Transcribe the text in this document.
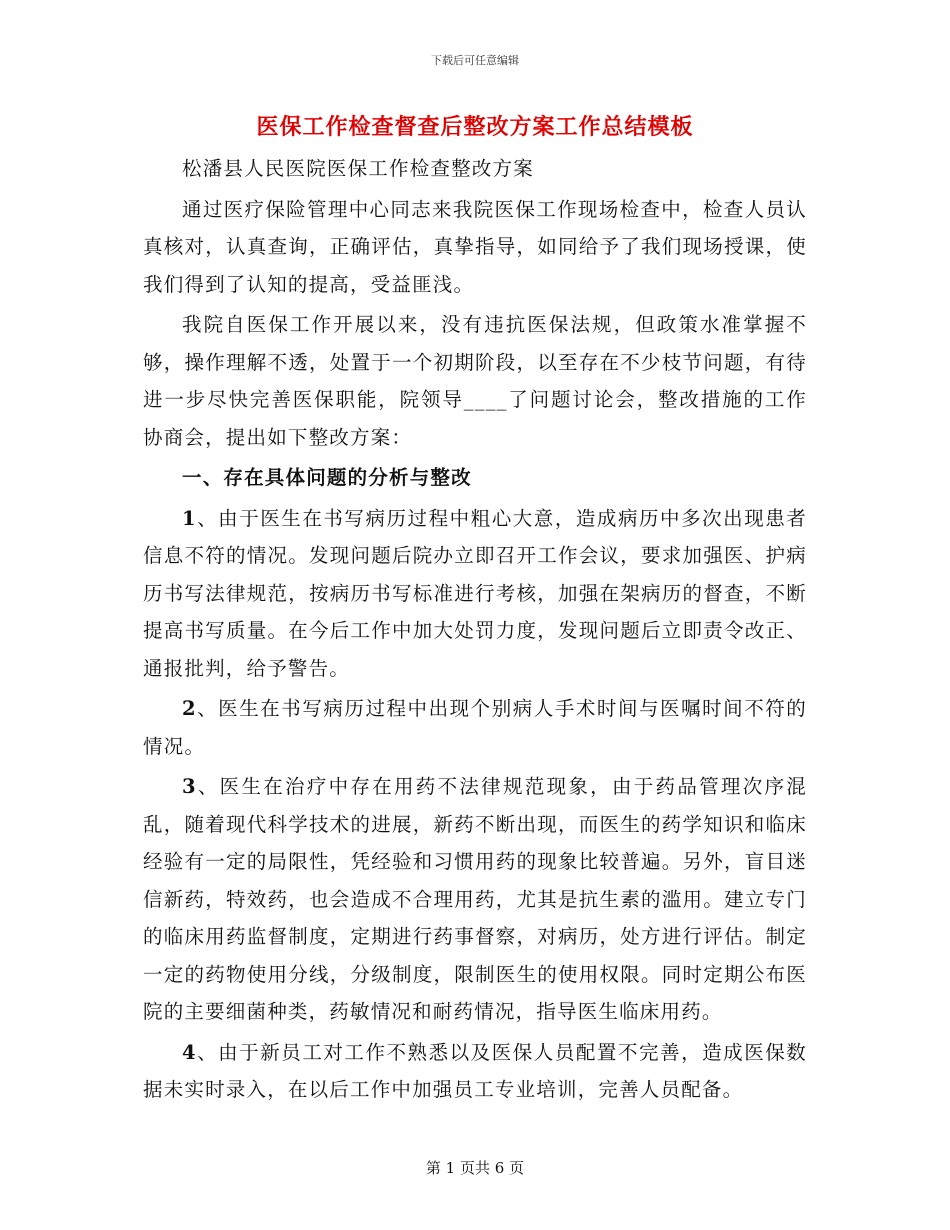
下载后可任意编辑
医保工作检查督查后整改方案工作总结模板

松潘县人民医院医保工作检查整改方案

通过医疗保险管理中心同志来我院医保工作现场检查中，检查人员认真核对，认真查询，正确评估，真挚指导，如同给予了我们现场授课，使我们得到了认知的提高，受益匪浅。

我院自医保工作开展以来，没有违抗医保法规，但政策水准掌握不够，操作理解不透，处置于一个初期阶段，以至存在不少枝节问题，有待进一步尽快完善医保职能，院领导____了问题讨论会，整改措施的工作协商会，提出如下整改方案：

一、存在具体问题的分析与整改

1、由于医生在书写病历过程中粗心大意，造成病历中多次出现患者信息不符的情况。发现问题后院办立即召开工作会议，要求加强医、护病历书写法律规范，按病历书写标准进行考核，加强在架病历的督查，不断提高书写质量。在今后工作中加大处罚力度，发现问题后立即责令改正、通报批判，给予警告。

2、医生在书写病历过程中出现个别病人手术时间与医嘱时间不符的情况。

3、医生在治疗中存在用药不法律规范现象，由于药品管理次序混乱，随着现代科学技术的进展，新药不断出现，而医生的药学知识和临床经验有一定的局限性，凭经验和习惯用药的现象比较普遍。另外，盲目迷信新药，特效药，也会造成不合理用药，尤其是抗生素的滥用。建立专门的临床用药监督制度，定期进行药事督察，对病历，处方进行评估。制定一定的药物使用分线，分级制度，限制医生的使用权限。同时定期公布医院的主要细菌种类，药敏情况和耐药情况，指导医生临床用药。

4、由于新员工对工作不熟悉以及医保人员配置不完善，造成医保数据未实时录入，在以后工作中加强员工专业培训，完善人员配备。

第 1 页共 6 页
